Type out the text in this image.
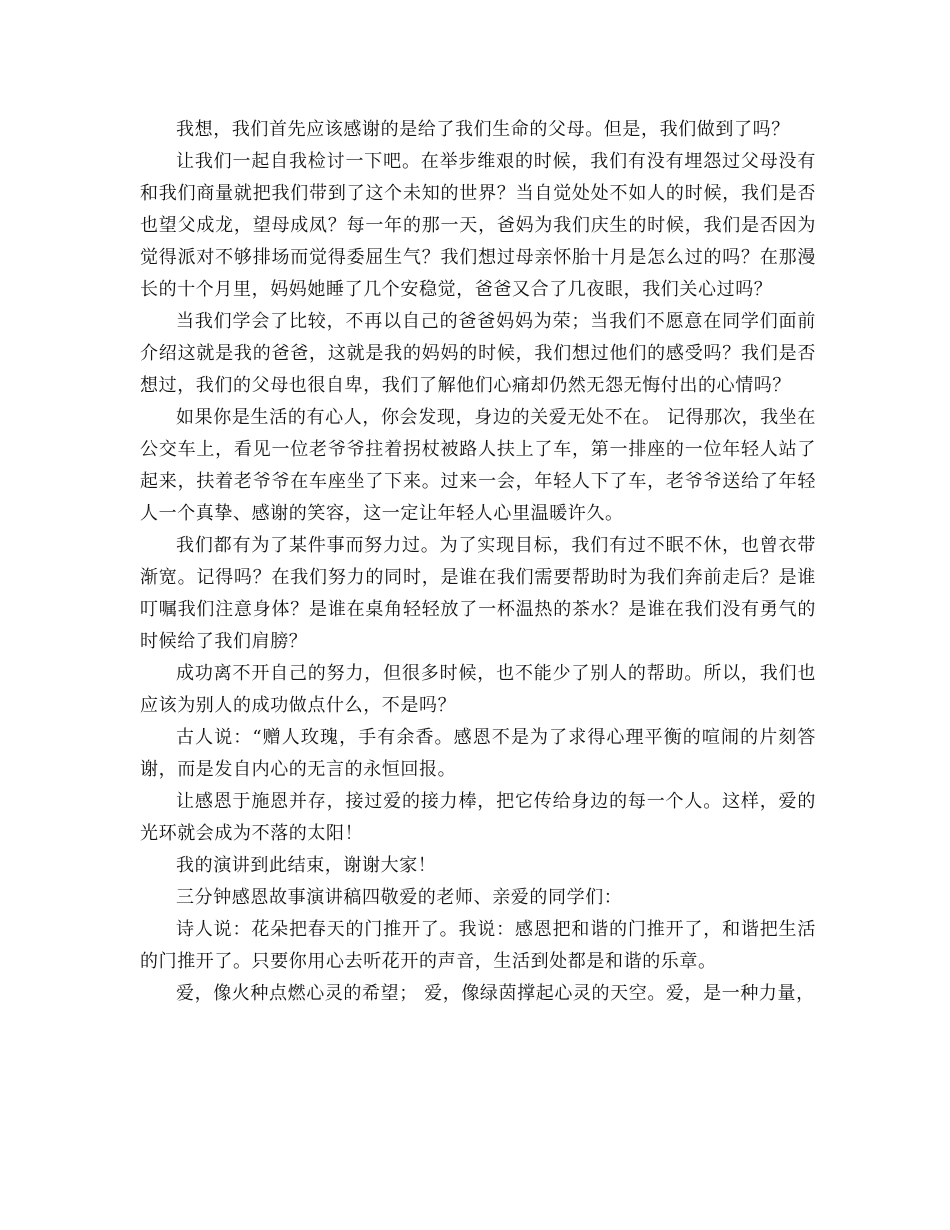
我想，我们首先应该感谢的是给了我们生命的父母。但是，我们做到了吗？

让我们一起自我检讨一下吧。在举步维艰的时候，我们有没有埋怨过父母没有和我们商量就把我们带到了这个未知的世界？当自觉处处不如人的时候，我们是否也望父成龙，望母成凤？每一年的那一天，爸妈为我们庆生的时候，我们是否因为觉得派对不够排场而觉得委屈生气？我们想过母亲怀胎十月是怎么过的吗？在那漫长的十个月里，妈妈她睡了几个安稳觉，爸爸又合了几夜眼，我们关心过吗？

当我们学会了比较，不再以自己的爸爸妈妈为荣；当我们不愿意在同学们面前介绍这就是我的爸爸，这就是我的妈妈的时候，我们想过他们的感受吗？我们是否想过，我们的父母也很自卑，我们了解他们心痛却仍然无怨无悔付出的心情吗？

如果你是生活的有心人，你会发现，身边的关爱无处不在。 记得那次，我坐在公交车上，看见一位老爷爷拄着拐杖被路人扶上了车，第一排座的一位年轻人站了起来，扶着老爷爷在车座坐了下来。过来一会，年轻人下了车，老爷爷送给了年轻人一个真挚、感谢的笑容，这一定让年轻人心里温暖许久。

我们都有为了某件事而努力过。为了实现目标，我们有过不眠不休，也曾衣带渐宽。记得吗？在我们努力的同时，是谁在我们需要帮助时为我们奔前走后？是谁叮嘱我们注意身体？是谁在桌角轻轻放了一杯温热的茶水？是谁在我们没有勇气的时候给了我们肩膀？

成功离不开自己的努力，但很多时候，也不能少了别人的帮助。所以，我们也应该为别人的成功做点什么，不是吗？

古人说：“赠人玫瑰，手有余香。感恩不是为了求得心理平衡的喧闹的片刻答谢，而是发自内心的无言的永恒回报。

让感恩于施恩并存，接过爱的接力棒，把它传给身边的每一个人。这样，爱的光环就会成为不落的太阳！

我的演讲到此结束，谢谢大家！

三分钟感恩故事演讲稿四敬爱的老师、亲爱的同学们：

诗人说：花朵把春天的门推开了。我说：感恩把和谐的门推开了，和谐把生活的门推开了。只要你用心去听花开的声音，生活到处都是和谐的乐章。

爱，像火种点燃心灵的希望； 爱，像绿茵撑起心灵的天空。爱，是一种力量，
